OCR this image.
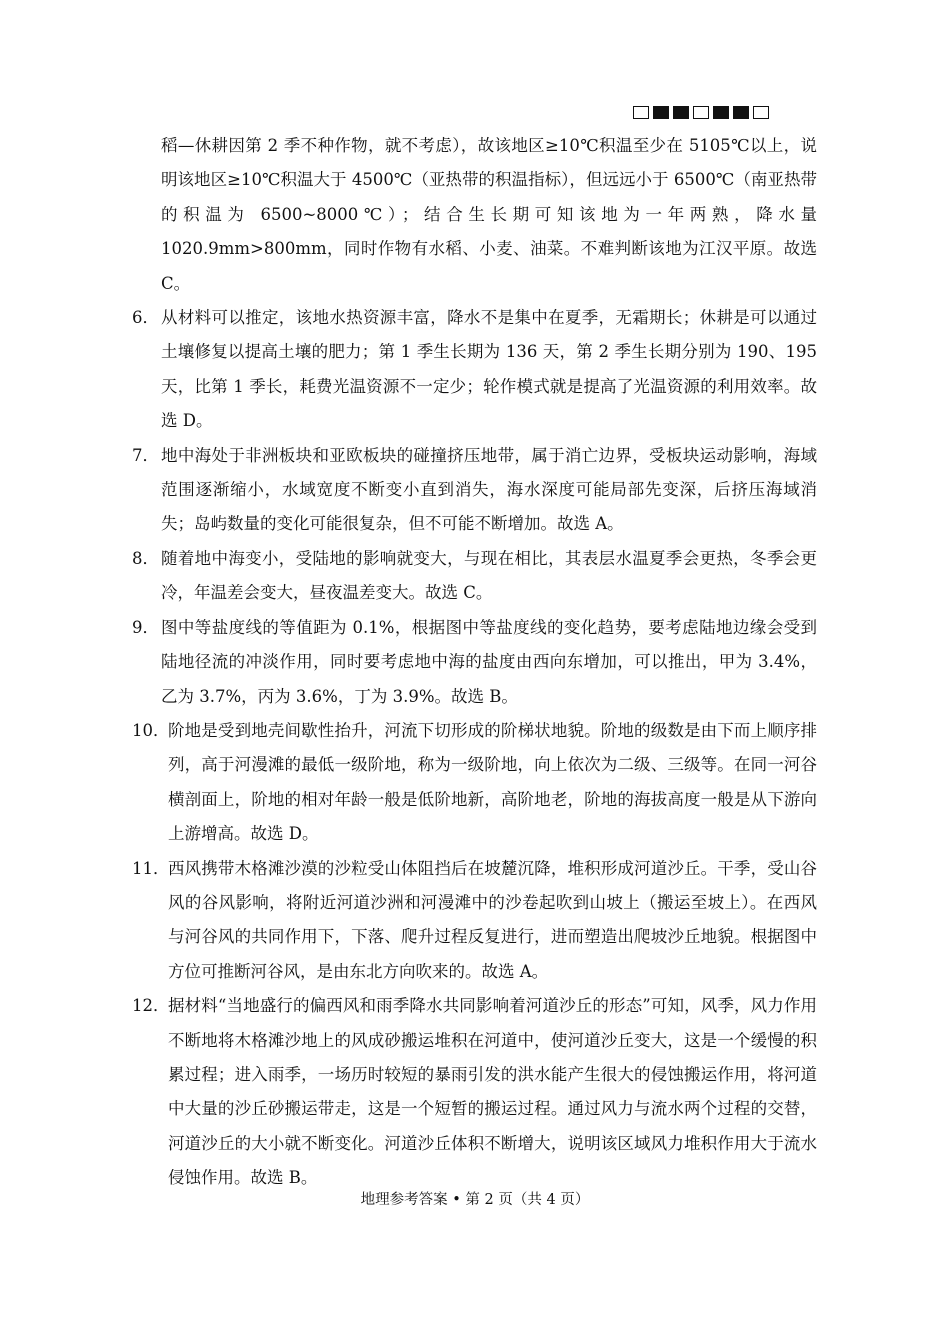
稻—休耕因第 2 季不种作物，就不考虑），故该地区≥10℃积温至少在 5105℃以上，说明该地区≥10℃积温大于 4500℃（亚热带的积温指标），但远远小于 6500℃（南亚热带的积温为 6500~8000℃）；结合生长期可知该地为一年两熟，降水量 1020.9mm>800mm，同时作物有水稻、小麦、油菜。不难判断该地为江汉平原。故选 C。

6． 从材料可以推定，该地水热资源丰富，降水不是集中在夏季，无霜期长；休耕是可以通过土壤修复以提高土壤的肥力；第 1 季生长期为 136 天，第 2 季生长期分别为 190、195 天，比第 1 季长，耗费光温资源不一定少；轮作模式就是提高了光温资源的利用效率。故选 D。

7． 地中海处于非洲板块和亚欧板块的碰撞挤压地带，属于消亡边界，受板块运动影响，海域范围逐渐缩小，水域宽度不断变小直到消失，海水深度可能局部先变深，后挤压海域消失；岛屿数量的变化可能很复杂，但不可能不断增加。故选 A。

8． 随着地中海变小，受陆地的影响就变大，与现在相比，其表层水温夏季会更热，冬季会更冷，年温差会变大，昼夜温差变大。故选 C。

9． 图中等盐度线的等值距为 0.1%，根据图中等盐度线的变化趋势，要考虑陆地边缘会受到陆地径流的冲淡作用，同时要考虑地中海的盐度由西向东增加，可以推出，甲为 3.4%，乙为 3.7%，丙为 3.6%，丁为 3.9%。故选 B。

10．

阶地是受到地壳间歇性抬升，河流下切形成的阶梯状地貌。阶地的级数是由下而上顺序排列，高于河漫滩的最低一级阶地，称为一级阶地，向上依次为二级、三级等。在同一河谷横剖面上，阶地的相对年龄一般是低阶地新，高阶地老，阶地的海拔高度一般是从下游向上游增高。故选 D。

11．

西风携带木格滩沙漠的沙粒受山体阻挡后在坡麓沉降，堆积形成河道沙丘。干季，受山谷风的谷风影响，将附近河道沙洲和河漫滩中的沙卷起吹到山坡上（搬运至坡上）。在西风与河谷风的共同作用下，下落、爬升过程反复进行，进而塑造出爬坡沙丘地貌。根据图中方位可推断河谷风，是由东北方向吹来的。故选 A。

12．

据材料“当地盛行的偏西风和雨季降水共同影响着河道沙丘的形态”可知，风季，风力作用不断地将木格滩沙地上的风成砂搬运堆积在河道中，使河道沙丘变大，这是一个缓慢的积累过程；进入雨季，一场历时较短的暴雨引发的洪水能产生很大的侵蚀搬运作用，将河道中大量的沙丘砂搬运带走，这是一个短暂的搬运过程。通过风力与流水两个过程的交替，河道沙丘的大小就不断变化。河道沙丘体积不断增大，说明该区域风力堆积作用大于流水侵蚀作用。故选 B。

地理参考答案 • 第 2 页（共 4 页）
